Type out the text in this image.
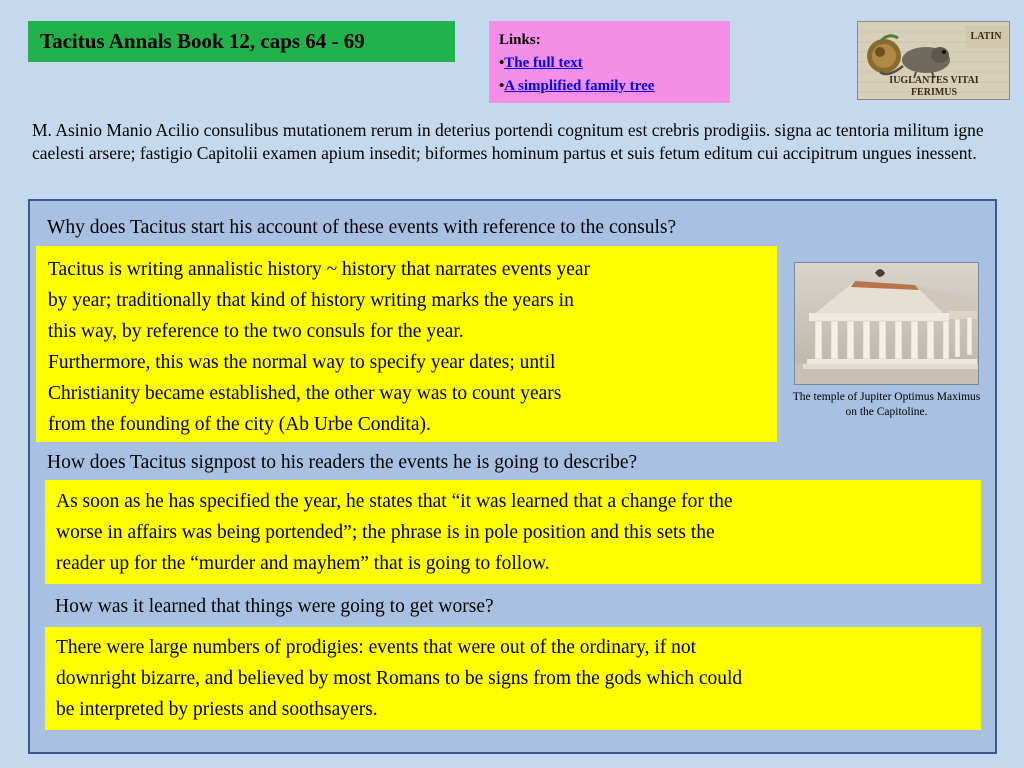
Tacitus Annals Book 12, caps 64 - 69	Links:
•The full text
•A simplified family tree
LATIN
IUGLANTES VITAI
FERIMUS
M. Asinio Manio Acilio consulibus mutationem rerum in deterius portendi cognitum est crebris prodigiis. signa ac tentoria militum igne caelesti arsere; fastigio Capitolii examen apium insedit; biformes hominum partus et suis fetum editum cui accipitrum ungues inessent.
Why does Tacitus start his account of these events with reference to the consuls?
Tacitus is writing annalistic history ~ history that narrates events year
by year; traditionally that kind of history writing marks the years in
this way, by reference to the two consuls for the year.
Furthermore, this was the normal way to specify year dates; until
Christianity became established, the other way was to count years
from the founding of the city (Ab Urbe Condita).
The temple of Jupiter Optimus Maximus on the Capitoline.
How does Tacitus signpost to his readers the events he is going to describe?
As soon as he has specified the year, he states that “it was learned that a change for the
worse in affairs was being portended”; the phrase is in pole position and this sets the
reader up for the “murder and mayhem” that is going to follow.
How was it learned that things were going to get worse?
There were large numbers of prodigies: events that were out of the ordinary, if not
downright bizarre, and believed by most Romans to be signs from the gods which could
be interpreted by priests and soothsayers.
